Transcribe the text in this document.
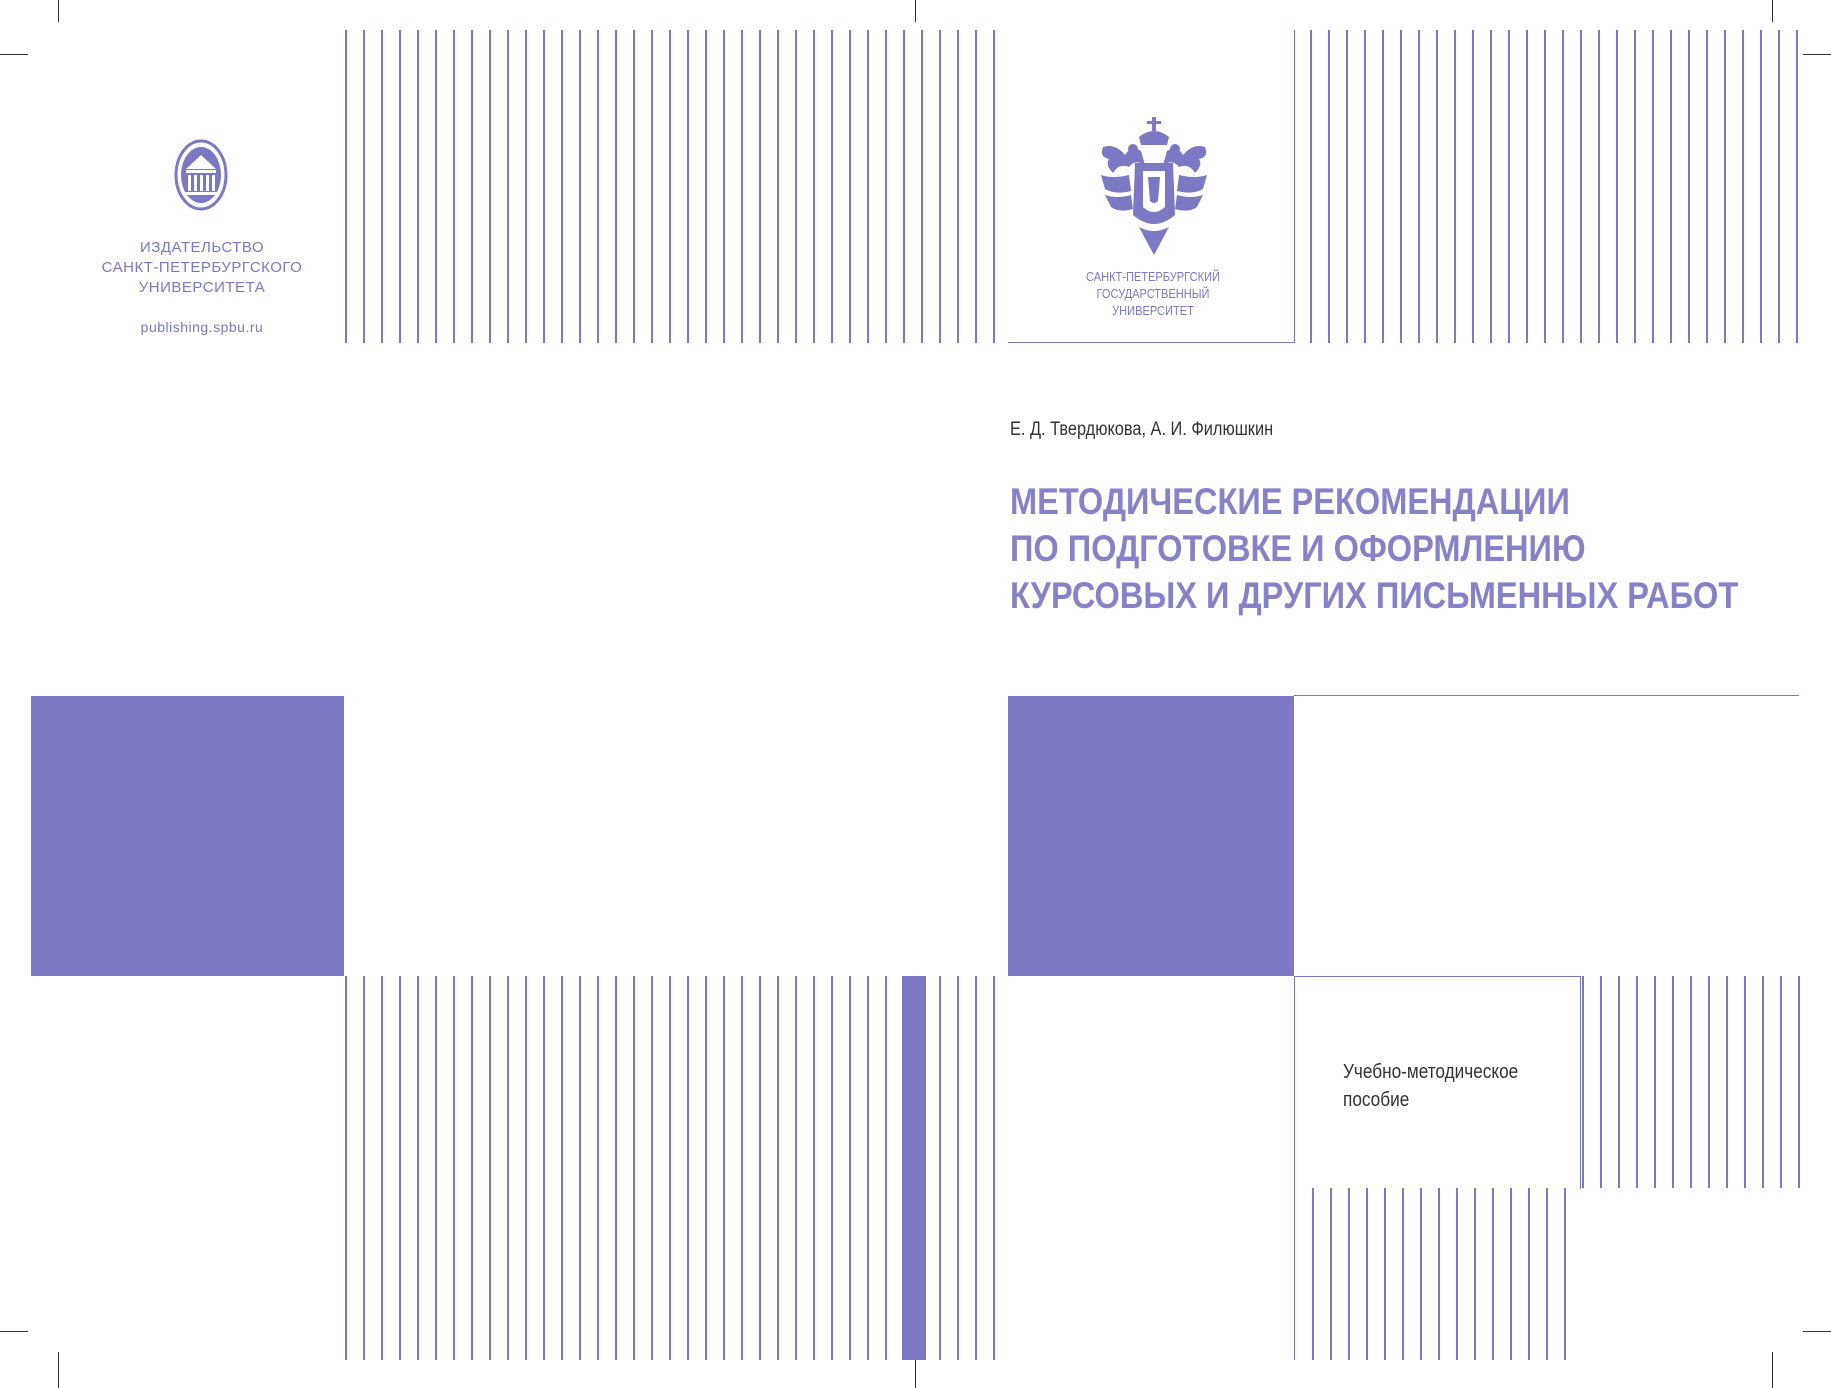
ИЗДАТЕЛЬСТВО
САНКТ-ПЕТЕРБУРГСКОГО
УНИВЕРСИТЕТА
publishing.spbu.ru
САНКТ-ПЕТЕРБУРГСКИЙ
ГОСУДАРСТВЕННЫЙ
УНИВЕРСИТЕТ
Е. Д. Твердюкова, А. И. Филюшкин
МЕТОДИЧЕСКИЕ РЕКОМЕНДАЦИИ
ПО ПОДГОТОВКЕ И ОФОРМЛЕНИЮ
КУРСОВЫХ И ДРУГИХ ПИСЬМЕННЫХ РАБОТ
Учебно-методическое
пособие
